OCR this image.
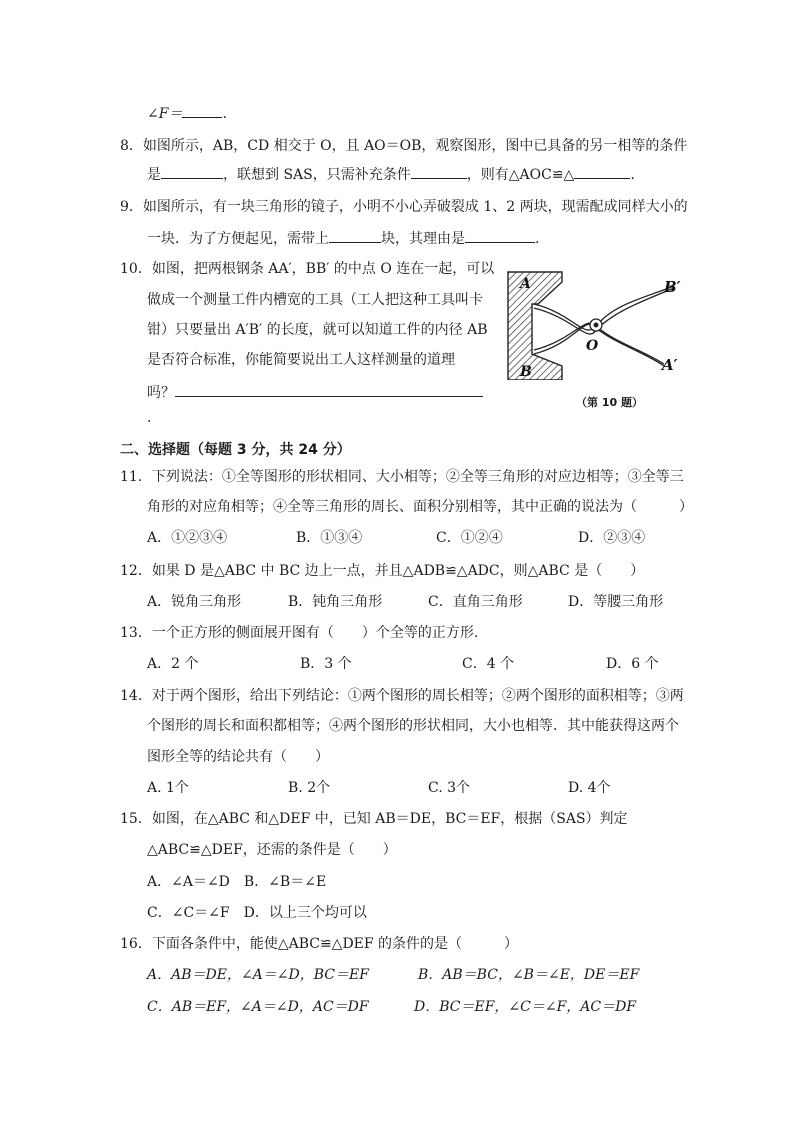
∠F＝	.
8．如图所示，AB，CD 相交于 O，且 AO＝OB，观察图形，图中已具备的另一相等的条件
是	，联想到 SAS，只需补充条件	，则有△AOC≌△	.
9．如图所示，有一块三角形的镜子，小明不小心弄破裂成 1、2 两块，现需配成同样大小的
一块．为了方便起见，需带上	块，其理由是	.
10．如图，把两根钢条 AA′，BB′ 的中点 O 连在一起，可以
做成一个测量工件内槽宽的工具（工人把这种工具叫卡
钳）只要量出 A′B′ 的长度，就可以知道工件的内径 AB
是否符合标准，你能简要说出工人这样测量的道理
吗？
.
A
B
B′
A′
O
（第 10 题）
二、选择题（每题 3 分，共 24 分）
11．下列说法：①全等图形的形状相同、大小相等；②全等三角形的对应边相等；③全等三
角形的对应角相等；④全等三角形的周长、面积分别相等，其中正确的说法为（　　　）
A．①②③④	B．①③④	C．①②④	D．②③④
12．如果 D 是△ABC 中 BC 边上一点，并且△ADB≌△ADC，则△ABC 是（　　）
A．锐角三角形	B．钝角三角形	C．直角三角形	D．等腰三角形
13．一个正方形的侧面展开图有（　　）个全等的正方形.
A．2 个	B．3 个	C．4 个	D．6 个
14．对于两个图形，给出下列结论：①两个图形的周长相等；②两个图形的面积相等；③两
个图形的周长和面积都相等；④两个图形的形状相同，大小也相等．其中能获得这两个
图形全等的结论共有（　　）
A. 1个	B. 2个	C. 3个	D. 4个
15．如图，在△ABC 和△DEF 中，已知 AB＝DE，BC＝EF，根据（SAS）判定
△ABC≌△DEF，还需的条件是（　　）
A．∠A＝∠D　B．∠B＝∠E
C．∠C＝∠F　D．以上三个均可以
16．下面各条件中，能使△ABC≌△DEF 的条件的是（　　　）
A．AB＝DE，∠A＝∠D，BC＝EF	B．AB＝BC，∠B＝∠E，DE＝EF
C．AB＝EF，∠A＝∠D，AC＝DF	D．BC＝EF，∠C＝∠F，AC＝DF
